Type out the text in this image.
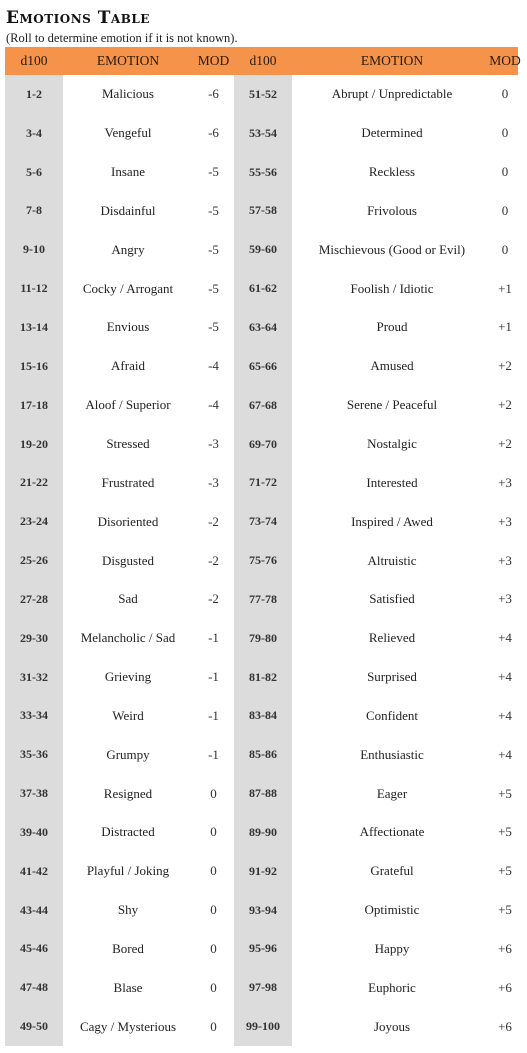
Emotions Table
(Roll to determine emotion if it is not known).
d100	EMOTION	MOD	d100	EMOTION	MOD
1-2	Malicious	-6	51-52	Abrupt / Unpredictable	0
3-4	Vengeful	-6	53-54	Determined	0
5-6	Insane	-5	55-56	Reckless	0
7-8	Disdainful	-5	57-58	Frivolous	0
9-10	Angry	-5	59-60	Mischievous (Good or Evil)	0
11-12	Cocky / Arrogant	-5	61-62	Foolish / Idiotic	+1
13-14	Envious	-5	63-64	Proud	+1
15-16	Afraid	-4	65-66	Amused	+2
17-18	Aloof / Superior	-4	67-68	Serene / Peaceful	+2
19-20	Stressed	-3	69-70	Nostalgic	+2
21-22	Frustrated	-3	71-72	Interested	+3
23-24	Disoriented	-2	73-74	Inspired / Awed	+3
25-26	Disgusted	-2	75-76	Altruistic	+3
27-28	Sad	-2	77-78	Satisfied	+3
29-30	Melancholic / Sad	-1	79-80	Relieved	+4
31-32	Grieving	-1	81-82	Surprised	+4
33-34	Weird	-1	83-84	Confident	+4
35-36	Grumpy	-1	85-86	Enthusiastic	+4
37-38	Resigned	0	87-88	Eager	+5
39-40	Distracted	0	89-90	Affectionate	+5
41-42	Playful / Joking	0	91-92	Grateful	+5
43-44	Shy	0	93-94	Optimistic	+5
45-46	Bored	0	95-96	Happy	+6
47-48	Blase	0	97-98	Euphoric	+6
49-50	Cagy / Mysterious	0	99-100	Joyous	+6
